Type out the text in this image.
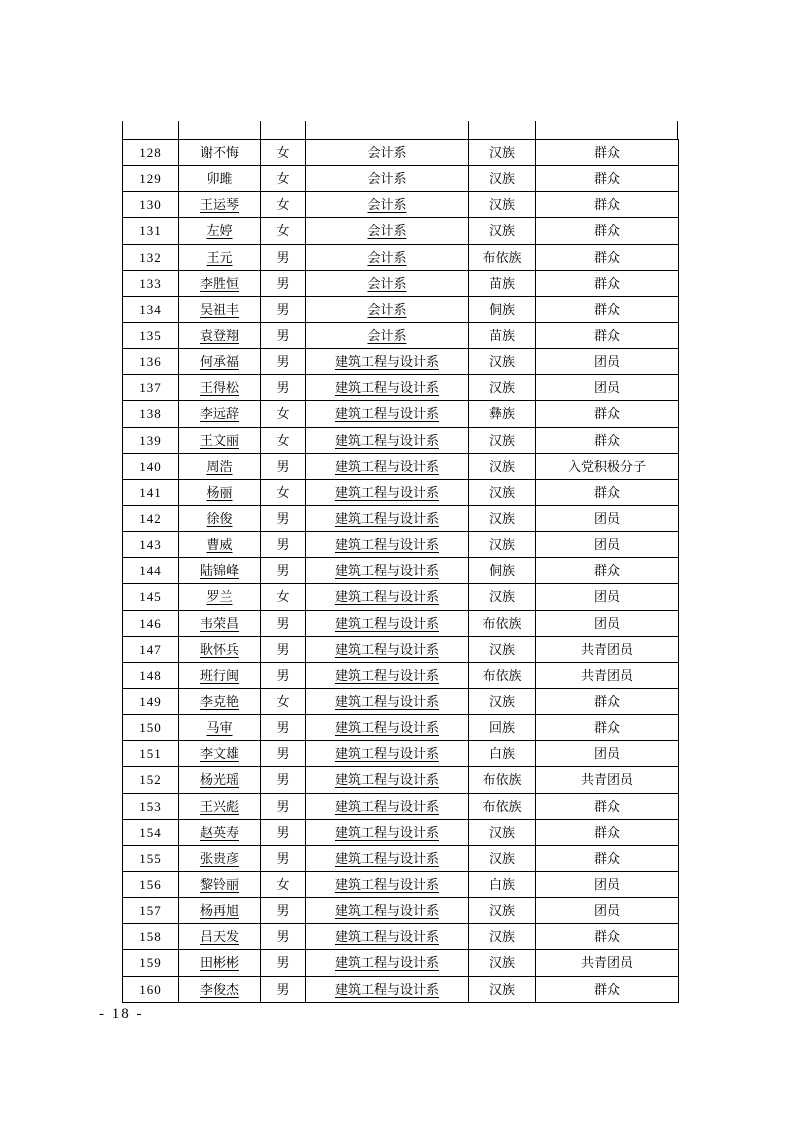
128	谢不悔	女	会计系	汉族	群众
129	卯雎	女	会计系	汉族	群众
130	王运琴	女	会计系	汉族	群众
131	左婷	女	会计系	汉族	群众
132	王元	男	会计系	布依族	群众
133	李胜恒	男	会计系	苗族	群众
134	吴祖丰	男	会计系	侗族	群众
135	袁登翔	男	会计系	苗族	群众
136	何承福	男	建筑工程与设计系	汉族	团员
137	王得松	男	建筑工程与设计系	汉族	团员
138	李远辞	女	建筑工程与设计系	彝族	群众
139	王文丽	女	建筑工程与设计系	汉族	群众
140	周浩	男	建筑工程与设计系	汉族	入党积极分子
141	杨丽	女	建筑工程与设计系	汉族	群众
142	徐俊	男	建筑工程与设计系	汉族	团员
143	曹威	男	建筑工程与设计系	汉族	团员
144	陆锦峰	男	建筑工程与设计系	侗族	群众
145	罗兰	女	建筑工程与设计系	汉族	团员
146	韦荣昌	男	建筑工程与设计系	布依族	团员
147	耿怀兵	男	建筑工程与设计系	汉族	共青团员
148	班行闽	男	建筑工程与设计系	布依族	共青团员
149	李克艳	女	建筑工程与设计系	汉族	群众
150	马审	男	建筑工程与设计系	回族	群众
151	李文雄	男	建筑工程与设计系	白族	团员
152	杨光瑶	男	建筑工程与设计系	布依族	共青团员
153	王兴彪	男	建筑工程与设计系	布依族	群众
154	赵英寿	男	建筑工程与设计系	汉族	群众
155	张贵彦	男	建筑工程与设计系	汉族	群众
156	黎铃丽	女	建筑工程与设计系	白族	团员
157	杨再旭	男	建筑工程与设计系	汉族	团员
158	吕天发	男	建筑工程与设计系	汉族	群众
159	田彬彬	男	建筑工程与设计系	汉族	共青团员
160	李俊杰	男	建筑工程与设计系	汉族	群众
- 18 -
